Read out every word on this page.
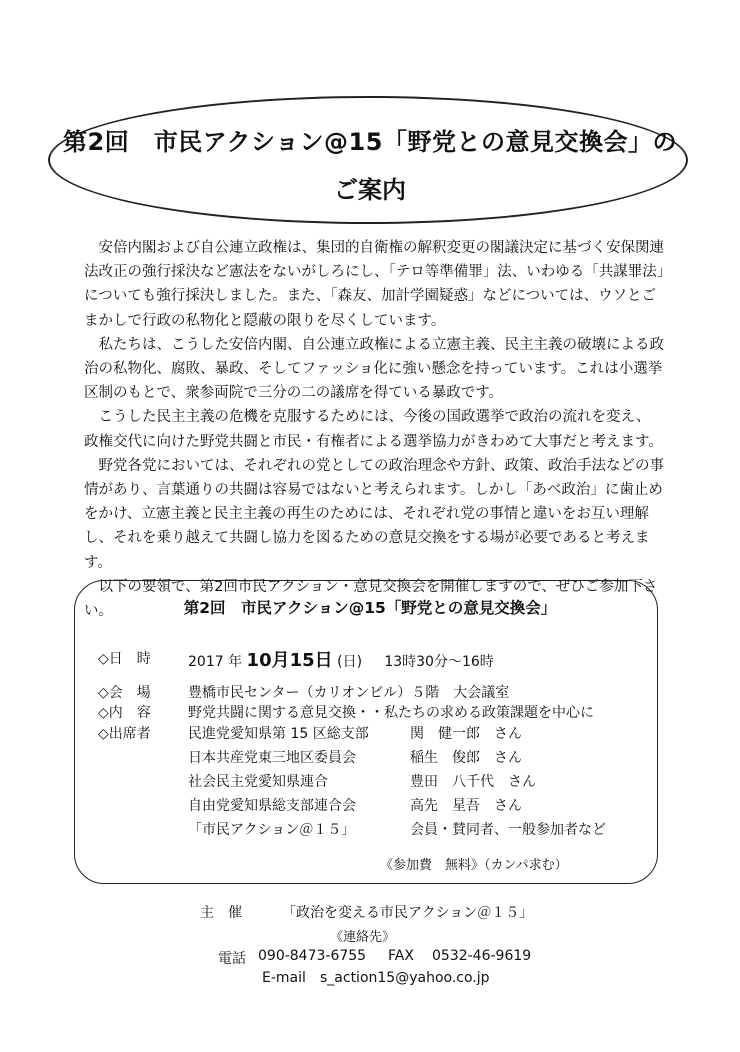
第2回　市民アクション@15「野党との意見交換会」の
ご案内

安倍内閣および自公連立政権は、集団的自衛権の解釈変更の閣議決定に基づく安保関連法改正の強行採決など憲法をないがしろにし、「テロ等準備罪」法、いわゆる「共謀罪法」についても強行採決しました。また、「森友、加計学園疑惑」などについては、ウソとごまかしで行政の私物化と隠蔽の限りを尽くしています。

私たちは、こうした安倍内閣、自公連立政権による立憲主義、民主主義の破壊による政治の私物化、腐敗、暴政、そしてファッショ化に強い懸念を持っています。これは小選挙区制のもとで、衆参両院で三分の二の議席を得ている暴政です。

こうした民主主義の危機を克服するためには、今後の国政選挙で政治の流れを変え、政権交代に向けた野党共闘と市民・有権者による選挙協力がきわめて大事だと考えます。

野党各党においては、それぞれの党としての政治理念や方針、政策、政治手法などの事情があり、言葉通りの共闘は容易ではないと考えられます。しかし「あべ政治」に歯止めをかけ、立憲主義と民主主義の再生のためには、それぞれ党の事情と違いをお互い理解し、それを乗り越えて共闘し協力を図るための意見交換をする場が必要であると考えます。

以下の要領で、第2回市民アクション・意見交換会を開催しますので、ぜひご参加下さい。	第2回　市民アクション@15「野党との意見交換会」
◇日　時	2017 年 10月15日 (日) 13時30分～16時
◇会　場	豊橋市民センター（カリオンビル）５階　大会議室
◇内　容	野党共闘に関する意見交換・・私たちの求める政策課題を中心に
◇出席者	民進党愛知県第 15 区総支部	関　健一郎　さん
日本共産党東三地区委員会	稲生　俊郎　さん
社会民主党愛知県連合	豊田　八千代　さん
自由党愛知県総支部連合会	高先　星吾　さん
「市民アクション＠１５」	会員・賛同者、一般参加者など
《参加費　無料》（カンパ求む）
主　催	「政治を変える市民アクション＠１５」
《連絡先》
電話 090-8473-6755 FAX 0532-46-9619
E-mail s_action15@yahoo.co.jp
